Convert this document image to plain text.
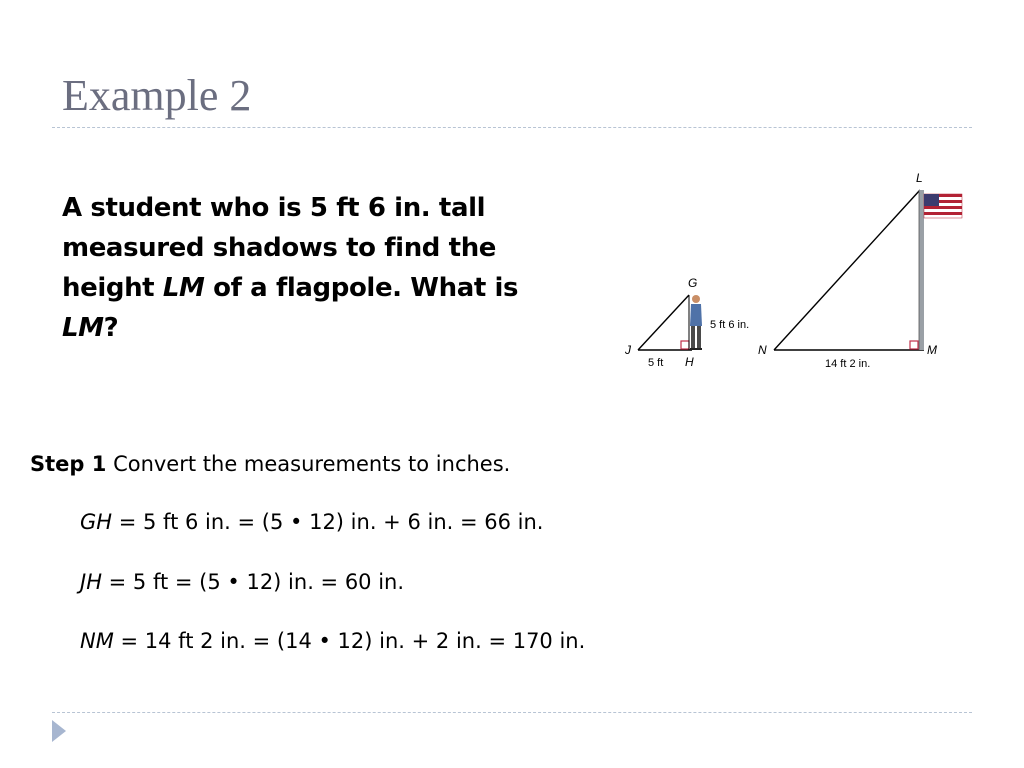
Example 2

A student who is 5 ft 6 in. tall measured shadows to find the height LM of a flagpole. What is LM?

G
J
H
5 ft
5 ft 6 in.
L
N	M
14 ft 2 in.

Step 1 Convert the measurements to inches.

GH = 5 ft 6 in. = (5 • 12) in. + 6 in. = 66 in.

JH = 5 ft = (5 • 12) in. = 60 in.

NM = 14 ft 2 in. = (14 • 12) in. + 2 in. = 170 in.
